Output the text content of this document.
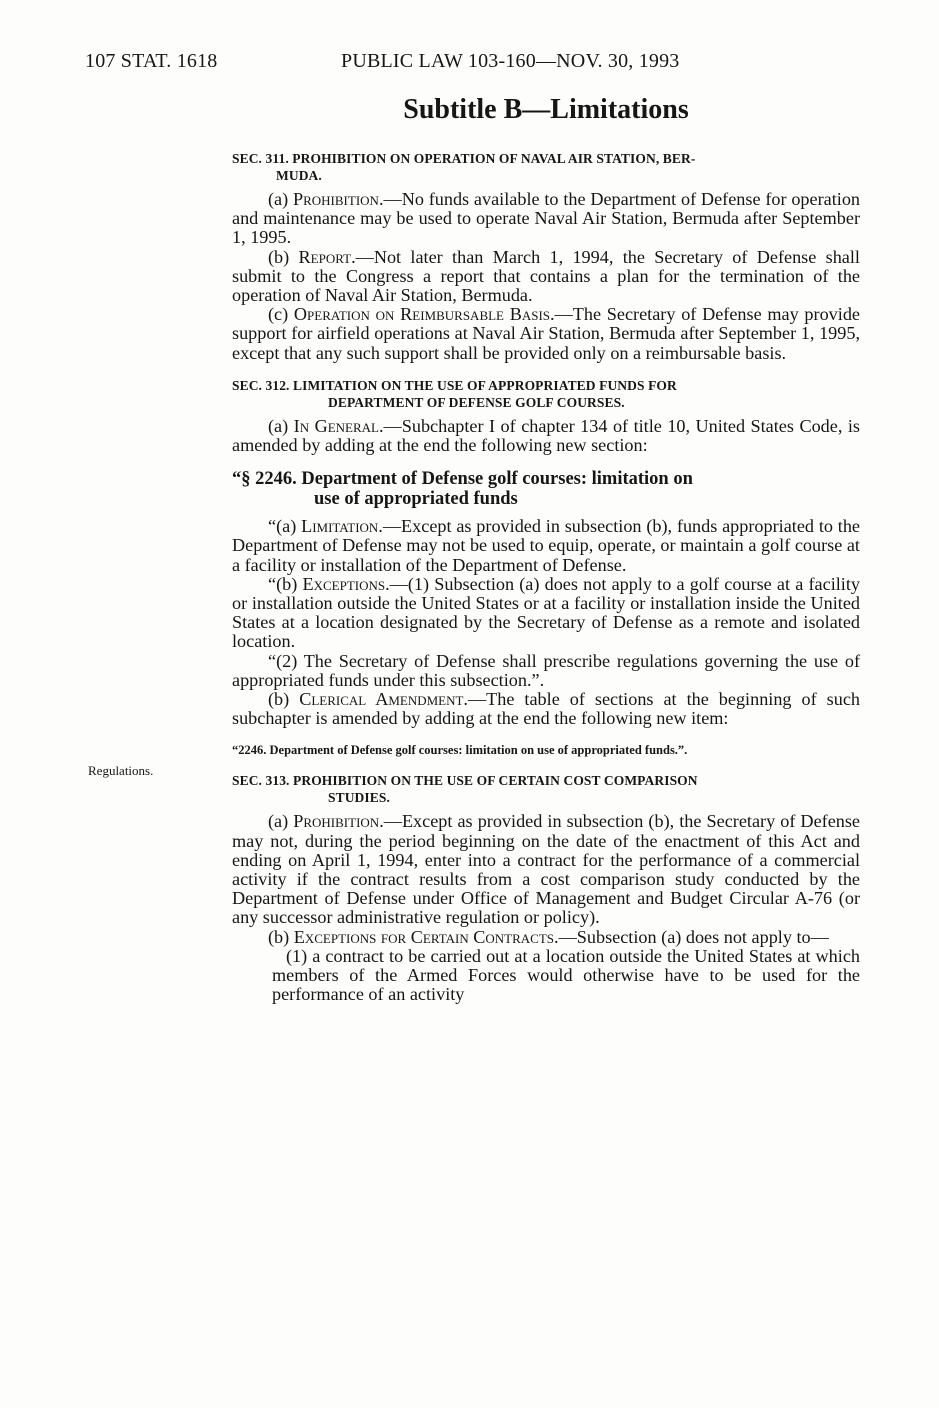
107 STAT. 1618	PUBLIC LAW 103-160—NOV. 30, 1993
Regulations.
Subtitle B—Limitations
SEC. 311. PROHIBITION ON OPERATION OF NAVAL AIR STATION, BER-
MUDA.

(a) Prohibition.—No funds available to the Department of Defense for operation and maintenance may be used to operate Naval Air Station, Bermuda after September 1, 1995.

(b) Report.—Not later than March 1, 1994, the Secretary of Defense shall submit to the Congress a report that contains a plan for the termination of the operation of Naval Air Station, Bermuda.

(c) Operation on Reimbursable Basis.—The Secretary of Defense may provide support for airfield operations at Naval Air Station, Bermuda after September 1, 1995, except that any such support shall be provided only on a reimbursable basis.

SEC. 312. LIMITATION ON THE USE OF APPROPRIATED FUNDS FOR
DEPARTMENT OF DEFENSE GOLF COURSES.

(a) In General.—Subchapter I of chapter 134 of title 10, United States Code, is amended by adding at the end the following new section:

“§ 2246. Department of Defense golf courses: limitation on
use of appropriated funds

“(a) Limitation.—Except as provided in subsection (b), funds appropriated to the Department of Defense may not be used to equip, operate, or maintain a golf course at a facility or installation of the Department of Defense.

“(b) Exceptions.—(1) Subsection (a) does not apply to a golf course at a facility or installation outside the United States or at a facility or installation inside the United States at a location designated by the Secretary of Defense as a remote and isolated location.

“(2) The Secretary of Defense shall prescribe regulations governing the use of appropriated funds under this subsection.”.

(b) Clerical Amendment.—The table of sections at the beginning of such subchapter is amended by adding at the end the following new item:

“2246. Department of Defense golf courses: limitation on use of appropriated funds.”.
SEC. 313. PROHIBITION ON THE USE OF CERTAIN COST COMPARISON
STUDIES.

(a) Prohibition.—Except as provided in subsection (b), the Secretary of Defense may not, during the period beginning on the date of the enactment of this Act and ending on April 1, 1994, enter into a contract for the performance of a commercial activity if the contract results from a cost comparison study conducted by the Department of Defense under Office of Management and Budget Circular A-76 (or any successor administrative regulation or policy).

(b) Exceptions for Certain Contracts.—Subsection (a) does not apply to—

(1) a contract to be carried out at a location outside the United States at which members of the Armed Forces would otherwise have to be used for the performance of an activity
